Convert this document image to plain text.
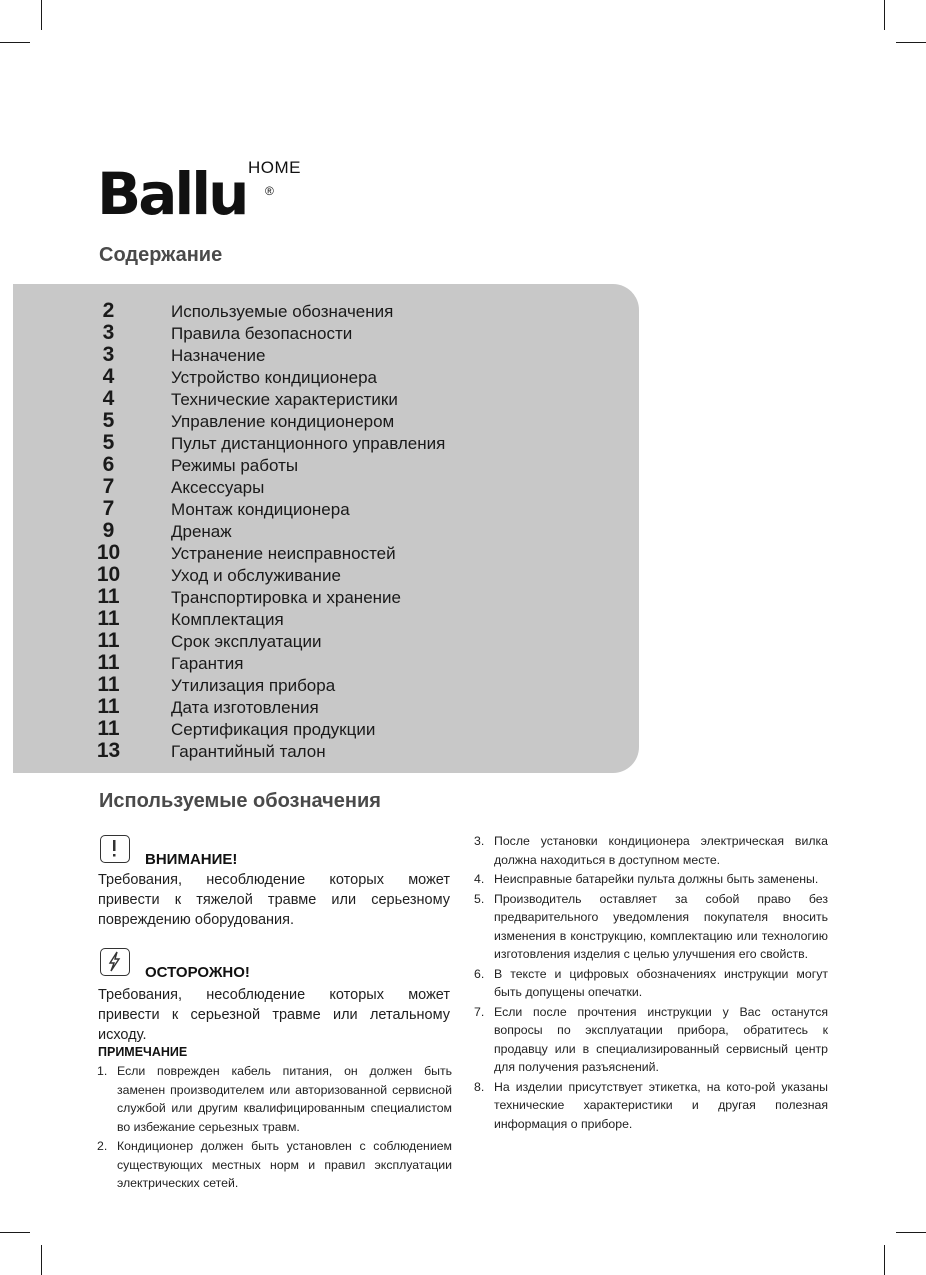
Ballu HOME
®
Содержание
2	Используемые обозначения
3	Правила безопасности
3	Назначение
4	Устройство кондиционера
4	Технические характеристики
5	Управление кондиционером
5	Пульт дистанционного управления
6	Режимы работы
7	Аксессуары
7	Монтаж кондиционера
9	Дренаж
10	Устранение неисправностей
10	Уход и обслуживание
11	Транспортировка и хранение
11	Комплектация
11	Срок эксплуатации
11	Гарантия
11	Утилизация прибора
11	Дата изготовления
11	Сертификация продукции
13	Гарантийный талон
Используемые обозначения
ВНИМАНИЕ!

Требования, несоблюдение которых может привести к тяжелой травме или серьезному повреждению оборудования.

ОСТОРОЖНО!

Требования, несоблюдение которых может привести к серьезной травме или летальному исходу.

ПРИМЕЧАНИЕ
1. Если поврежден кабель питания, он должен быть заменен производителем или авторизованной сервисной службой или другим квалифицированным специалистом во избежание серьезных травм.
2. Кондиционер должен быть установлен с соблюдением существующих местных норм и правил эксплуатации электрических сетей.
3. После установки кондиционера электрическая вилка должна находиться в доступном месте.
4. Неисправные батарейки пульта должны быть заменены.
5. Производитель оставляет за собой право без предварительного уведомления покупателя вносить изменения в конструкцию, комплектацию или технологию изготовления изделия с целью улучшения его свойств.
6. В тексте и цифровых обозначениях инструкции могут быть допущены опечатки.
7. Если после прочтения инструкции у Вас останутся вопросы по эксплуатации прибора, обратитесь к продавцу или в специализированный сервисный центр для получения разъяснений.
8. На изделии присутствует этикетка, на кото-рой указаны технические характеристики и другая полезная информация о приборе.
